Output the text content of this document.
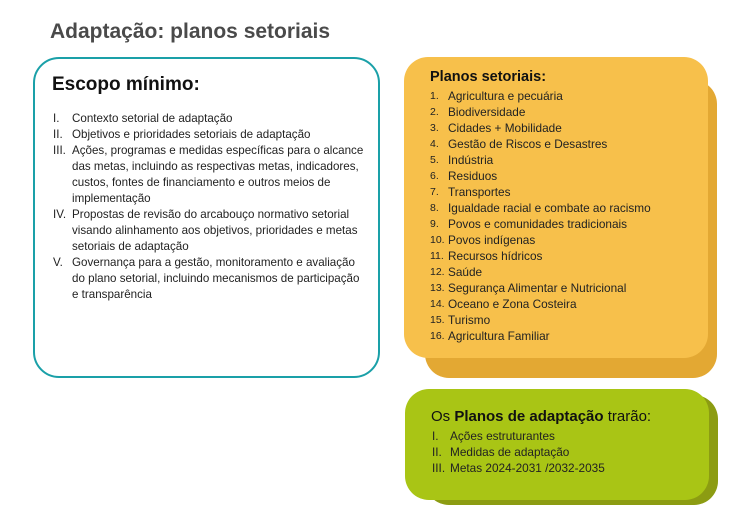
Adaptação: planos setoriais
Escopo mínimo:
I.	Contexto setorial de adaptação
II. Objetivos e prioridades setoriais de adaptação
III. Ações, programas e medidas específicas para o alcance das metas, incluindo as respectivas metas, indicadores, custos, fontes de financiamento e outros meios de implementação
IV. Propostas de revisão do arcabouço normativo setorial visando alinhamento aos objetivos, prioridades e metas setoriais de adaptação
V. Governança para a gestão, monitoramento e avaliação do plano setorial, incluindo mecanismos de participação e transparência
Planos setoriais:
1. Agricultura e pecuária
2. Biodiversidade
3. Cidades + Mobilidade
4. Gestão de Riscos e Desastres
5. Indústria
6. Residuos
7. Transportes
8. Igualdade racial e combate ao racismo
9. Povos e comunidades tradicionais
10. Povos indígenas
11. Recursos hídricos
12. Saúde
13. Segurança Alimentar e Nutricional
14. Oceano e Zona Costeira
15. Turismo
16. Agricultura Familiar
Os Planos de adaptação trarão:
I. Ações estruturantes
II. Medidas de adaptação
III. Metas 2024-2031 /2032-2035
